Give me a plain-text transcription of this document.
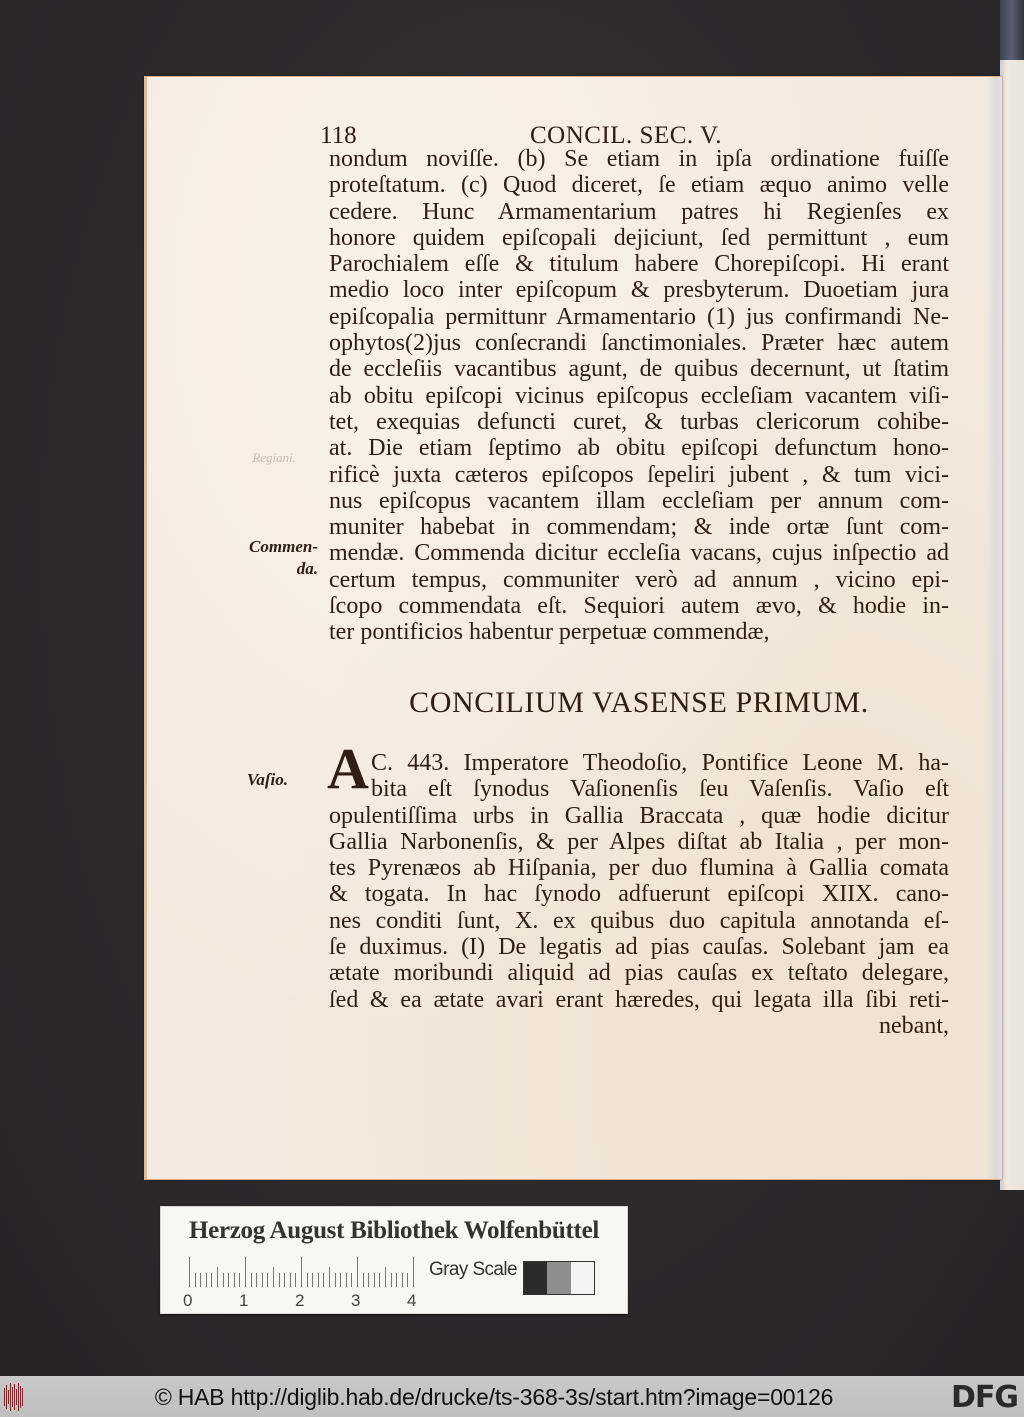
118	CONCIL. SEC. V.
nondum noviſſe. (b) Se etiam in ipſa ordinatione fuiſſe
proteſtatum. (c) Quod diceret, ſe etiam æquo animo velle
cedere. Hunc Armamentarium patres hi Regienſes ex
honore quidem epiſcopali dejiciunt, ſed permittunt , eum
Parochialem eſſe & titulum habere Chorepiſcopi. Hi erant
medio loco inter epiſcopum & presbyterum. Duoetiam jura
epiſcopalia permittunr Armamentario (1) jus confirmandi Ne-
ophytos(2)jus conſecrandi ſanctimoniales. Præter hæc autem
de eccleſiis vacantibus agunt, de quibus decernunt, ut ſtatim
ab obitu epiſcopi vicinus epiſcopus eccleſiam vacantem viſi-
tet, exequias defuncti curet, & turbas clericorum cohibe-
at. Die etiam ſeptimo ab obitu epiſcopi defunctum hono-
rificè juxta cæteros epiſcopos ſepeliri jubent , & tum vici-
nus epiſcopus vacantem illam eccleſiam per annum com-
muniter habebat in commendam; & inde ortæ ſunt com-
mendæ. Commenda dicitur eccleſia vacans, cujus inſpectio ad
certum tempus, communiter verò ad annum , vicino epi-
ſcopo commendata eſt. Sequiori autem ævo, & hodie in-
ter pontificios habentur perpetuæ commendæ,
Regiani.
Commen- da.
CONCILIUM VASENSE PRIMUM.
A
Vaſio.
C. 443. Imperatore Theodoſio, Pontifice Leone M. ha-
bita eſt ſynodus Vaſionenſis ſeu Vaſenſis. Vaſio eſt
opulentiſſima urbs in Gallia Braccata , quæ hodie dicitur
Gallia Narbonenſis, & per Alpes diſtat ab Italia , per mon-
tes Pyrenæos ab Hiſpania, per duo flumina à Gallia comata
& togata. In hac ſynodo adfuerunt epiſcopi XIIX. cano-
nes conditi ſunt, X. ex quibus duo capitula annotanda eſ-
ſe duximus. (I) De legatis ad pias cauſas. Solebant jam ea
ætate moribundi aliquid ad pias cauſas ex teſtato delegare,
ſed & ea ætate avari erant hæredes, qui legata illa ſibi reti-
nebant,
Herzog August Bibliothek Wolfenbüttel
0	1	2	3	4
Gray Scale
© HAB http://diglib.hab.de/drucke/ts-368-3s/start.htm?image=00126	DFG
